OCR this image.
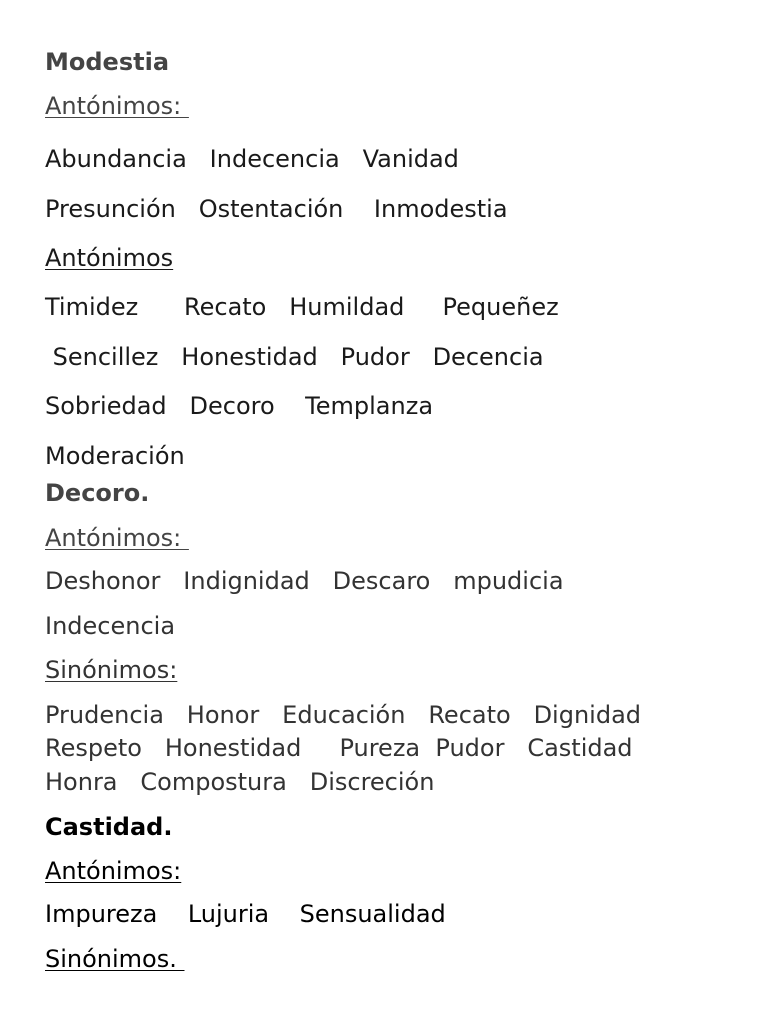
Modestia
Antónimos:
Abundancia   Indecencia   Vanidad
Presunción   Ostentación    Inmodestia
Antónimos
Timidez      Recato   Humildad     Pequeñez
Sencillez   Honestidad   Pudor   Decencia
Sobriedad   Decoro    Templanza
Moderación
Decoro.
Antónimos:
Deshonor   Indignidad   Descaro   mpudicia
Indecencia
Sinónimos:
Prudencia   Honor   Educación   Recato   Dignidad
Respeto   Honestidad     Pureza  Pudor   Castidad
Honra   Compostura   Discreción
Castidad.
Antónimos:
Impureza    Lujuria    Sensualidad
Sinónimos.
